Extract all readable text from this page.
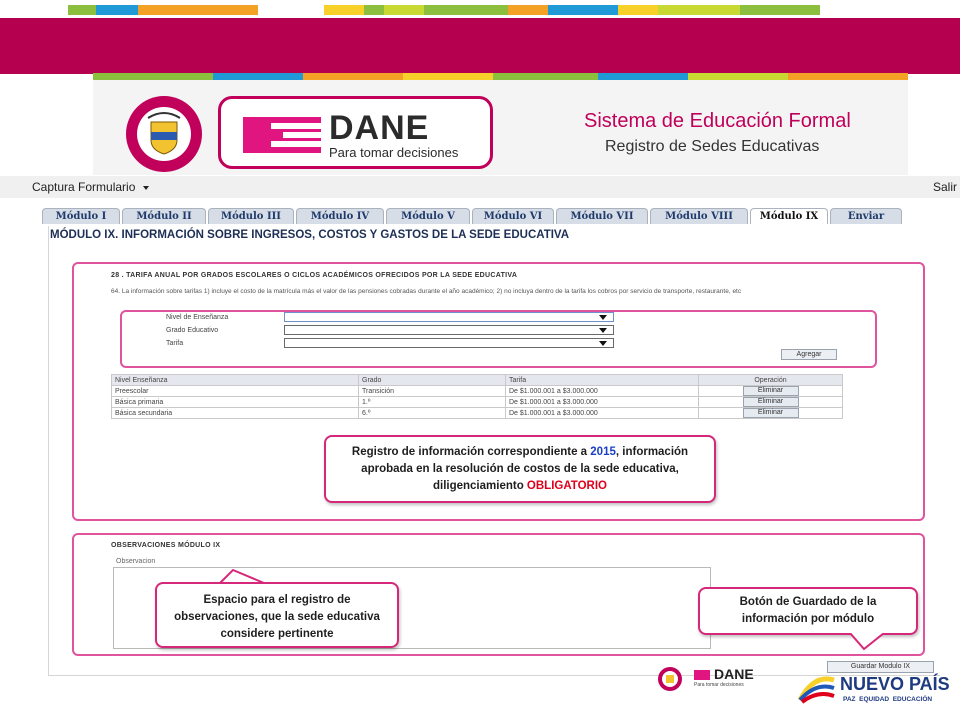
DANE
Para tomar decisiones
Sistema de Educación Formal
Registro de Sedes Educativas
Captura Formulario	Salir
Módulo I	Módulo II	Módulo III	Módulo IV	Módulo V	Módulo VI	Módulo VII	Módulo VIII	Módulo IX	Enviar
MÓDULO IX. INFORMACIÓN SOBRE INGRESOS, COSTOS Y GASTOS DE LA SEDE EDUCATIVA
28 . TARIFA ANUAL POR GRADOS ESCOLARES O CICLOS ACADÉMICOS OFRECIDOS POR LA SEDE EDUCATIVA
64. La información sobre tarifas 1) incluye el costo de la matrícula más el valor de las pensiones cobradas durante el año académico; 2) no incluya dentro de la tarifa los cobros por servicio de transporte, restaurante, etc
Nivel de Enseñanza
Grado Educativo
Tarifa
Agregar
Nivel Enseñanza	Grado	Tarifa	Operación
Preescolar	Transición	De $1.000.001 a $3.000.000	Eliminar
Básica primaria	1.º	De $1.000.001 a $3.000.000	Eliminar
Básica secundaria	6.º	De $1.000.001 a $3.000.000	Eliminar
Registro de información correspondiente a 2015, información aprobada en la resolución de costos de la sede educativa, diligenciamiento OBLIGATORIO
OBSERVACIONES MÓDULO IX
Observacion
Espacio para el registro de observaciones, que la sede educativa considere pertinente
Botón de Guardado de la información por módulo
Guardar Modulo IX
DANE
Para tomar decisiones	NUEVO PAÍS
PAZ  EQUIDAD  EDUCACIÓN
